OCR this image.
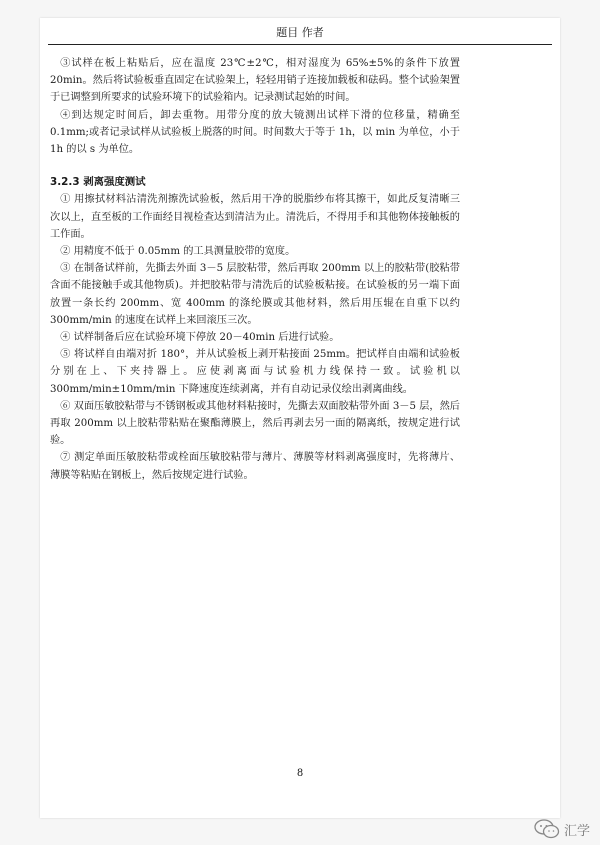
题目 作者

③试样在板上粘贴后，应在温度 23℃±2℃，相对湿度为 65%±5%的条件下放置 20min。然后将试验板垂直固定在试验架上，轻轻用销子连接加载板和砝码。整个试验架置于已调整到所要求的试验环境下的试验箱内。记录测试起始的时间。

④到达规定时间后，卸去重物。用带分度的放大镜测出试样下滑的位移量，精确至 0.1mm;或者记录试样从试验板上脱落的时间。时间数大于等于 1h，以 min 为单位，小于 1h 的以 s 为单位。

3.2.3 剥离强度测试

① 用擦拭材料沾清洗剂擦洗试验板，然后用干净的脱脂纱布将其擦干，如此反复清晰三次以上，直至板的工作面经目视检查达到清洁为止。清洗后，不得用手和其他物体接触板的工作面。

② 用精度不低于 0.05mm 的工具测量胶带的宽度。

③ 在制备试样前，先撕去外面 3－5 层胶粘带，然后再取 200mm 以上的胶粘带(胶粘带含面不能接触手或其他物质)。并把胶粘带与清洗后的试验板粘接。在试验板的另一端下面放置一条长约 200mm、宽 400mm 的涤纶膜或其他材料，然后用压辊在自重下以约 300mm/min 的速度在试样上来回滚压三次。

④ 试样制备后应在试验环境下停放 20－40min 后进行试验。

⑤ 将试样自由端对折 180°，并从试验板上剥开粘接面 25mm。把试样自由端和试验板分别在上、下夹持器上。应使剥离面与试验机力线保持一致。试验机以 300mm/min±10mm/min 下降速度连续剥离，并有自动记录仪绘出剥离曲线。

⑥ 双面压敏胶粘带与不锈钢板或其他材料粘接时，先撕去双面胶粘带外面 3－5 层，然后再取 200mm 以上胶粘带粘贴在聚酯薄膜上，然后再剥去另一面的隔离纸，按规定进行试验。

⑦ 测定单面压敏胶粘带或栓面压敏胶粘带与薄片、薄膜等材料剥离强度时，先将薄片、薄膜等粘贴在钢板上，然后按规定进行试验。

8
汇学
